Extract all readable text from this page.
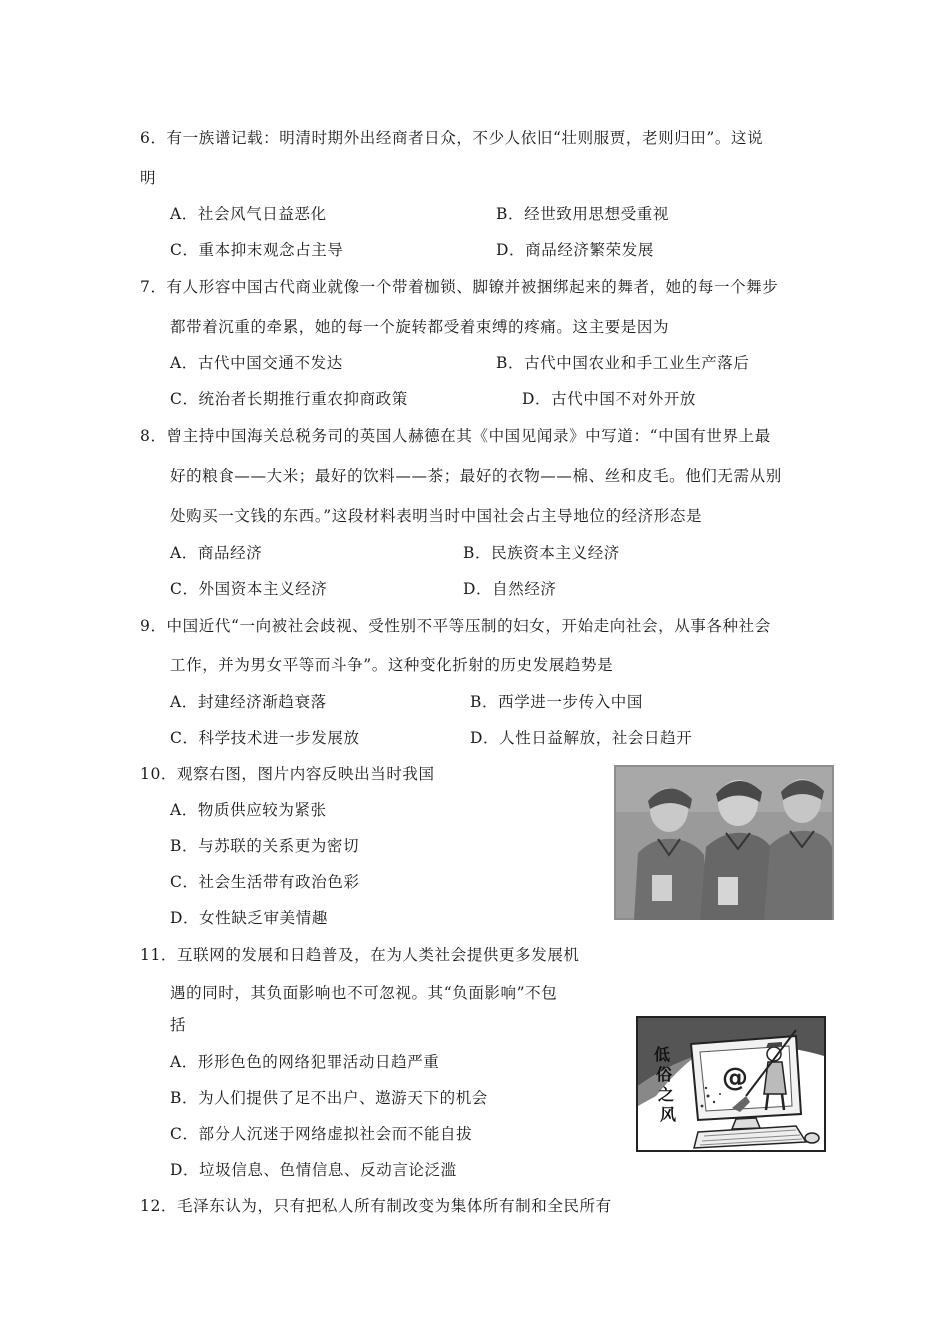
6．有一族谱记载：明清时期外出经商者日众，不少人依旧“壮则服贾，老则归田”。这说
明
A．社会风气日益恶化	B．经世致用思想受重视
C．重本抑末观念占主导	D．商品经济繁荣发展
7．有人形容中国古代商业就像一个带着枷锁、脚镣并被捆绑起来的舞者，她的每一个舞步
都带着沉重的牵累，她的每一个旋转都受着束缚的疼痛。这主要是因为
A．古代中国交通不发达	B．古代中国农业和手工业生产落后
C．统治者长期推行重农抑商政策	D．古代中国不对外开放
8．曾主持中国海关总税务司的英国人赫德在其《中国见闻录》中写道：“中国有世界上最
好的粮食——大米；最好的饮料——茶；最好的衣物——棉、丝和皮毛。他们无需从别
处购买一文钱的东西。”这段材料表明当时中国社会占主导地位的经济形态是
A．商品经济	B．民族资本主义经济
C．外国资本主义经济	D．自然经济
9．中国近代“一向被社会歧视、受性别不平等压制的妇女，开始走向社会，从事各种社会
工作，并为男女平等而斗争”。这种变化折射的历史发展趋势是
A．封建经济渐趋衰落	B．西学进一步传入中国
C．科学技术进一步发展放	D．人性日益解放，社会日趋开
10．观察右图，图片内容反映出当时我国
A．物质供应较为紧张
B．与苏联的关系更为密切
C．社会生活带有政治色彩
D．女性缺乏审美情趣
11．互联网的发展和日趋普及，在为人类社会提供更多发展机
遇的同时，其负面影响也不可忽视。其“负面影响”不包
括
A．形形色色的网络犯罪活动日趋严重
B．为人们提供了足不出户、遨游天下的机会
C．部分人沉迷于网络虚拟社会而不能自拔
D．垃圾信息、色情信息、反动言论泛滥
@
低
俗
之
风
12．毛泽东认为，只有把私人所有制改变为集体所有制和全民所有
